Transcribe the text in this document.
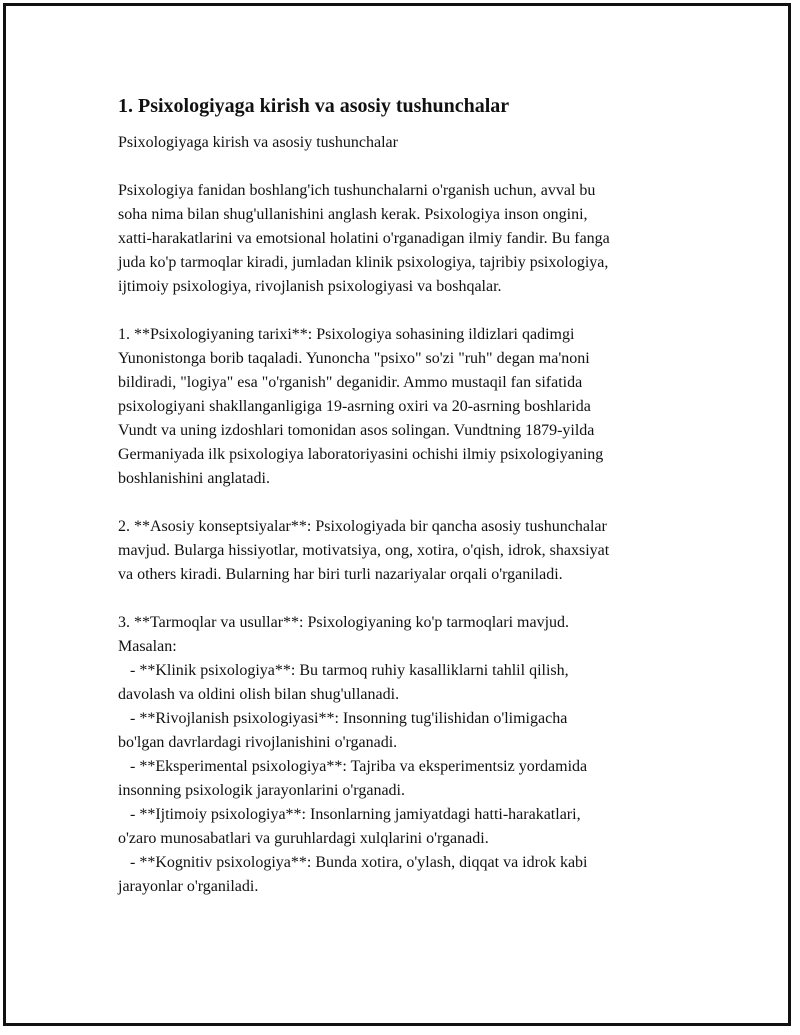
1. Psixologiyaga kirish va asosiy tushunchalar

Psixologiyaga kirish va asosiy tushunchalar

Psixologiya fanidan boshlang'ich tushunchalarni o'rganish uchun, avval bu
soha nima bilan shug'ullanishini anglash kerak. Psixologiya inson ongini,
xatti-harakatlarini va emotsional holatini o'rganadigan ilmiy fandir. Bu fanga
juda ko'p tarmoqlar kiradi, jumladan klinik psixologiya, tajribiy psixologiya,
ijtimoiy psixologiya, rivojlanish psixologiyasi va boshqalar.

1. **Psixologiyaning tarixi**: Psixologiya sohasining ildizlari qadimgi
Yunonistonga borib taqaladi. Yunoncha "psixo" so'zi "ruh" degan ma'noni
bildiradi, "logiya" esa "o'rganish" deganidir. Ammo mustaqil fan sifatida
psixologiyani shakllanganligiga 19-asrning oxiri va 20-asrning boshlarida
Vundt va uning izdoshlari tomonidan asos solingan. Vundtning 1879-yilda
Germaniyada ilk psixologiya laboratoriyasini ochishi ilmiy psixologiyaning
boshlanishini anglatadi.

2. **Asosiy konseptsiyalar**: Psixologiyada bir qancha asosiy tushunchalar
mavjud. Bularga hissiyotlar, motivatsiya, ong, xotira, o'qish, idrok, shaxsiyat
va others kiradi. Bularning har biri turli nazariyalar orqali o'rganiladi.

3. **Tarmoqlar va usullar**: Psixologiyaning ko'p tarmoqlari mavjud.
Masalan:
- **Klinik psixologiya**: Bu tarmoq ruhiy kasalliklarni tahlil qilish,
davolash va oldini olish bilan shug'ullanadi.
- **Rivojlanish psixologiyasi**: Insonning tug'ilishidan o'limigacha
bo'lgan davrlardagi rivojlanishini o'rganadi.
- **Eksperimental psixologiya**: Tajriba va eksperimentsiz yordamida
insonning psixologik jarayonlarini o'rganadi.
- **Ijtimoiy psixologiya**: Insonlarning jamiyatdagi hatti-harakatlari,
o'zaro munosabatlari va guruhlardagi xulqlarini o'rganadi.
- **Kognitiv psixologiya**: Bunda xotira, o'ylash, diqqat va idrok kabi
jarayonlar o'rganiladi.
